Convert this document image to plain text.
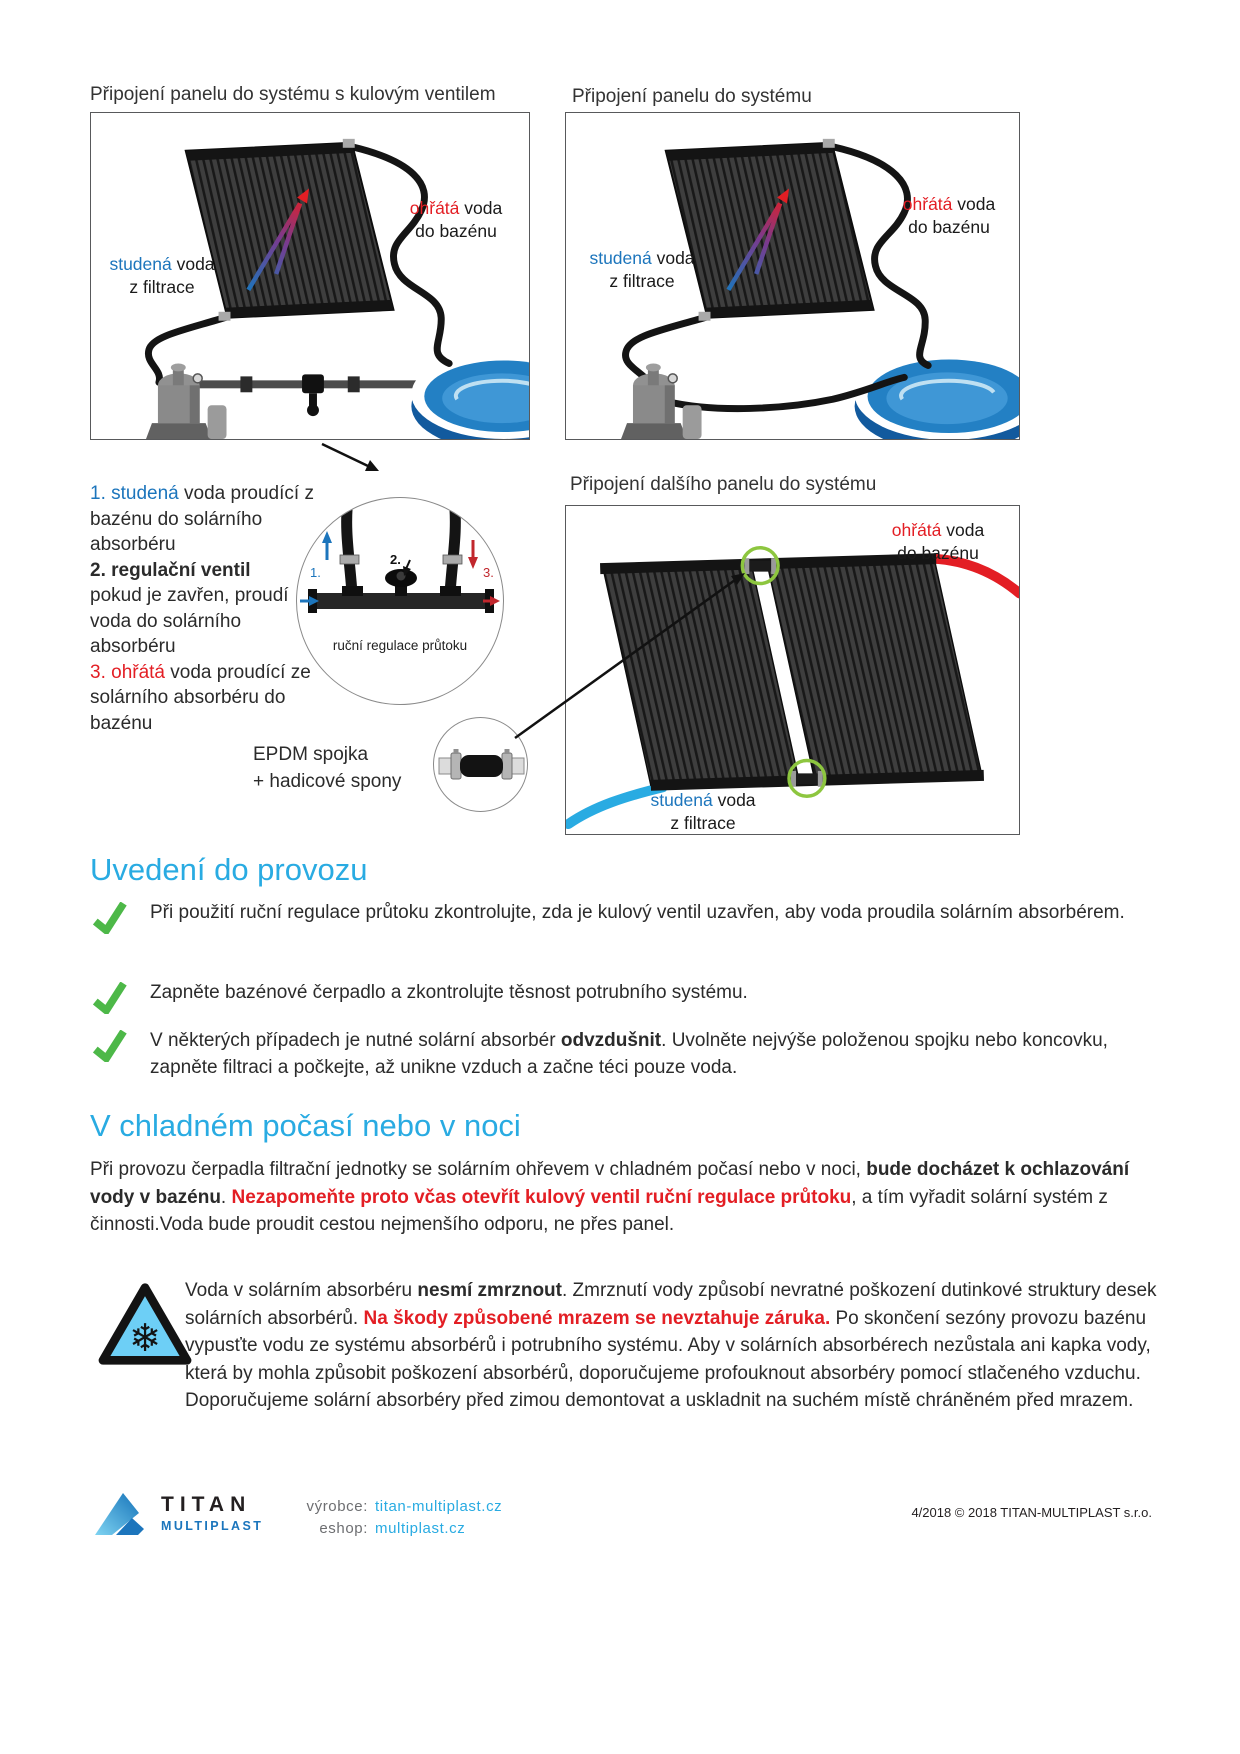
Připojení panelu do systému s kulovým ventilem	Připojení panelu do systému
ohřátá voda
do bazénu
studená voda
z filtrace
ohřátá voda
do bazénu
studená voda
z filtrace
Připojení dalšího panelu do systému
ohřátá voda
do bazénu
studená voda
z filtrace
1. studená voda proudící z bazénu do solárního absorbéru
2. regulační ventil
pokud je zavřen, proudí voda do solárního absorbéru
3. ohřátá voda proudící ze solárního absorbéru do bazénu
1.
2.
3.
ruční regulace průtoku
EPDM spojka
+ hadicové spony
Uvedení do provozu
Při použití ruční regulace průtoku zkontrolujte, zda je kulový ventil uzavřen, aby voda proudila solárním absorbérem.
Zapněte bazénové čerpadlo a zkontrolujte těsnost potrubního systému.
V některých případech je nutné solární absorbér odvzdušnit. Uvolněte nejvýše položenou spojku nebo koncovku, zapněte filtraci a počkejte, až unikne vzduch a začne téci pouze voda.
V chladném počasí nebo v noci
Při provozu čerpadla filtrační jednotky se solárním ohřevem v chladném počasí nebo v noci, bude docházet k ochlazování vody v bazénu. Nezapomeňte proto včas otevřít kulový ventil ruční regulace průtoku, a tím vyřadit solární systém z činnosti.Voda bude proudit cestou nejmenšího odporu, ne přes panel.
❄
Voda v solárním absorbéru nesmí zmrznout. Zmrznutí vody způsobí nevratné poškození dutinkové struktury desek solárních absorbérů. Na škody způsobené mrazem se nevztahuje záruka. Po skončení sezóny provozu bazénu vypusťte vodu ze systému absorbérů i potrubního systému. Aby v solárních absorbérech nezůstala ani kapka vody, která by mohla způsobit poškození absorbérů, doporučujeme profouknout absorbéry pomocí stlačeného vzduchu. Doporučujeme solární absorbéry před zimou demontovat a uskladnit na suchém místě chráněném před mrazem.
TITAN
MULTIPLAST
výrobce: titan-multiplast.cz
eshop: multiplast.cz
4/2018 © 2018 TITAN-MULTIPLAST s.r.o.
